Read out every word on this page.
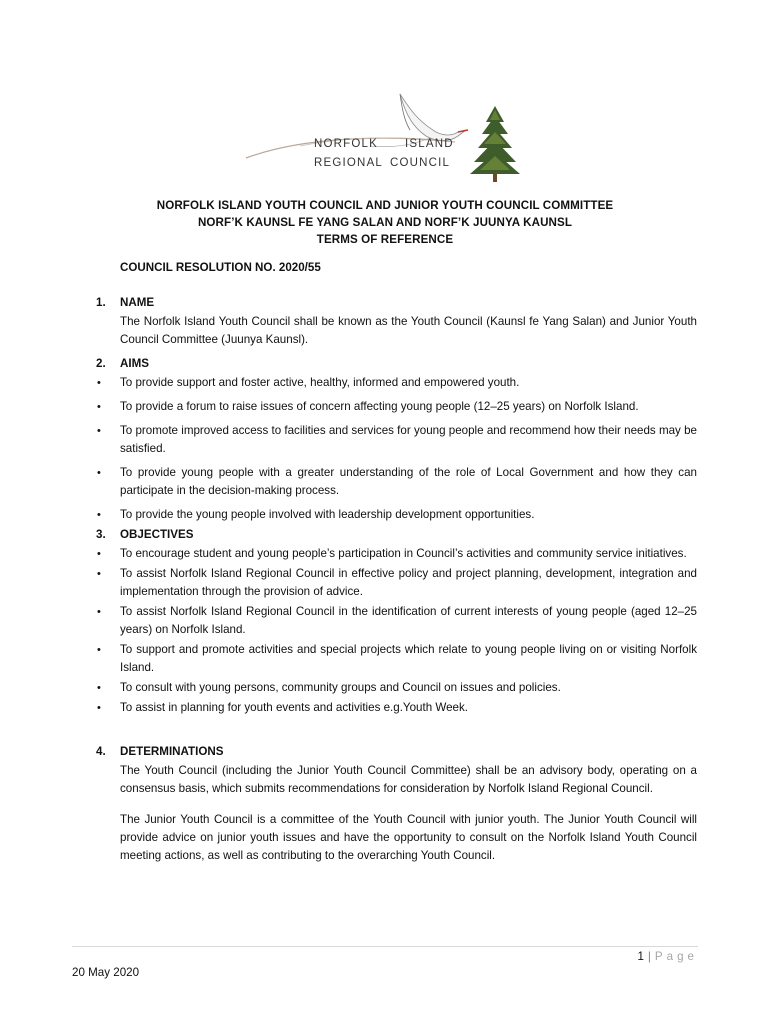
NORFOLK ISLAND
REGIONAL COUNCIL
NORFOLK ISLAND YOUTH COUNCIL AND JUNIOR YOUTH COUNCIL COMMITTEE
NORF’K KAUNSL FE YANG SALAN AND NORF’K JUUNYA KAUNSL
TERMS OF REFERENCE
COUNCIL RESOLUTION NO. 2020/55
1. NAME
The Norfolk Island Youth Council shall be known as the Youth Council (Kaunsl fe Yang Salan) and Junior Youth Council Committee (Juunya Kaunsl).
2. AIMS
• To provide support and foster active, healthy, informed and empowered youth.
• To provide a forum to raise issues of concern affecting young people (12–25 years) on Norfolk Island.
• To promote improved access to facilities and services for young people and recommend how their needs may be satisfied.
• To provide young people with a greater understanding of the role of Local Government and how they can participate in the decision-making process.
• To provide the young people involved with leadership development opportunities.
3. OBJECTIVES
• To encourage student and young people’s participation in Council’s activities and community service initiatives.
• To assist Norfolk Island Regional Council in effective policy and project planning, development, integration and implementation through the provision of advice.
• To assist Norfolk Island Regional Council in the identification of current interests of young people (aged 12–25 years) on Norfolk Island.
• To support and promote activities and special projects which relate to young people living on or visiting Norfolk Island.
• To consult with young persons, community groups and Council on issues and policies.
• To assist in planning for youth events and activities e.g.Youth Week.
4. DETERMINATIONS
The Youth Council (including the Junior Youth Council Committee) shall be an advisory body, operating on a consensus basis, which submits recommendations for consideration by Norfolk Island Regional Council.
The Junior Youth Council is a committee of the Youth Council with junior youth. The Junior Youth Council will provide advice on junior youth issues and have the opportunity to consult on the Norfolk Island Youth Council meeting actions, as well as contributing to the overarching Youth Council.
1 | Page
20 May 2020
